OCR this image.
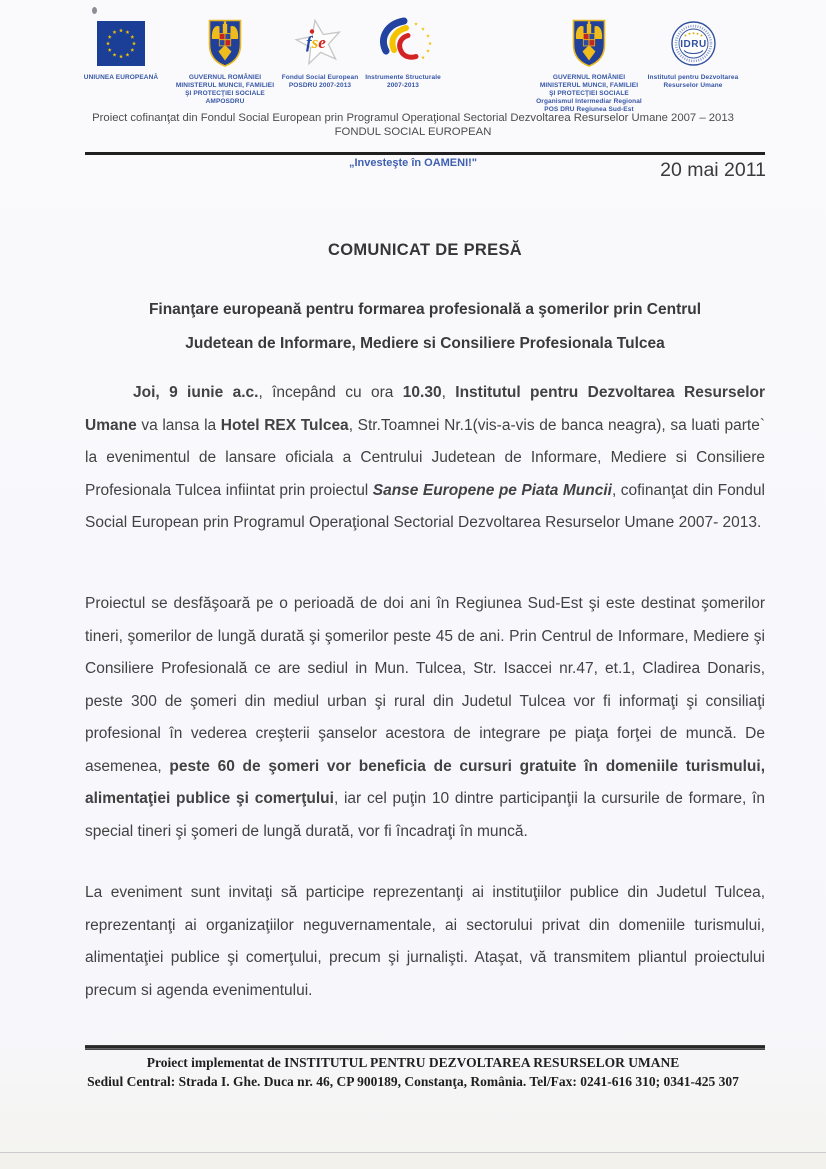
UNIUNEA EUROPEANĂ	GUVERNUL ROMÂNIEI
MINISTERUL MUNCII, FAMILIEI
ŞI PROTECŢIEI SOCIALE
AMPOSDRU
fse
Fondul Social European
POSDRU 2007-2013
Instrumente Structurale
2007-2013
GUVERNUL ROMÂNIEI
MINISTERUL MUNCII, FAMILIEI
ŞI PROTECŢIEI SOCIALE
Organismul Intermediar Regional
POS DRU Regiunea Sud-Est
IDRU
Institutul pentru Dezvoltarea
Resurselor Umane
Proiect cofinanţat din Fondul Social European prin Programul Operaţional Sectorial Dezvoltarea Resurselor Umane 2007 – 2013
FONDUL SOCIAL EUROPEAN
„Investeşte în OAMENI!"	20 mai 2011
COMUNICAT DE PRESĂ
Finanţare europeană pentru formarea profesională a şomerilor prin Centrul
Judetean de Informare, Mediere si Consiliere Profesionala Tulcea

Joi, 9 iunie a.c., începând cu ora 10.30, Institutul pentru Dezvoltarea Resurselor Umane va lansa la Hotel REX Tulcea, Str.Toamnei Nr.1(vis-a-vis de banca neagra), sa luati parte` la evenimentul de lansare oficiala a Centrului Judetean de Informare, Mediere si Consiliere Profesionala Tulcea infiintat prin proiectul Sanse Europene pe Piata Muncii, cofinanţat din Fondul Social European prin Programul Operaţional Sectorial Dezvoltarea Resurselor Umane 2007- 2013.

Proiectul se desfăşoară pe o perioadă de doi ani în Regiunea Sud-Est şi este destinat şomerilor tineri, şomerilor de lungă durată şi şomerilor peste 45 de ani. Prin Centrul de Informare, Mediere şi Consiliere Profesională ce are sediul in Mun. Tulcea, Str. Isaccei nr.47, et.1, Cladirea Donaris, peste 300 de şomeri din mediul urban şi rural din Judetul Tulcea vor fi informaţi şi consiliaţi profesional în vederea creşterii şanselor acestora de integrare pe piaţa forţei de muncă. De asemenea, peste 60 de şomeri vor beneficia de cursuri gratuite în domeniile turismului, alimentaţiei publice şi comerţului, iar cel puţin 10 dintre participanţii la cursurile de formare, în special tineri şi şomeri de lungă durată, vor fi încadraţi în muncă.

La eveniment sunt invitaţi să participe reprezentanţi ai instituţiilor publice din Judetul Tulcea, reprezentanţi ai organizaţiilor neguvernamentale, ai sectorului privat din domeniile turismului, alimentaţiei publice şi comerţului, precum şi jurnalişti. Ataşat, vă transmitem pliantul proiectului precum si agenda evenimentului.

Proiect implementat de INSTITUTUL PENTRU DEZVOLTAREA RESURSELOR UMANE
Sediul Central: Strada I. Ghe. Duca nr. 46, CP 900189, Constanţa, România. Tel/Fax: 0241-616 310; 0341-425 307
